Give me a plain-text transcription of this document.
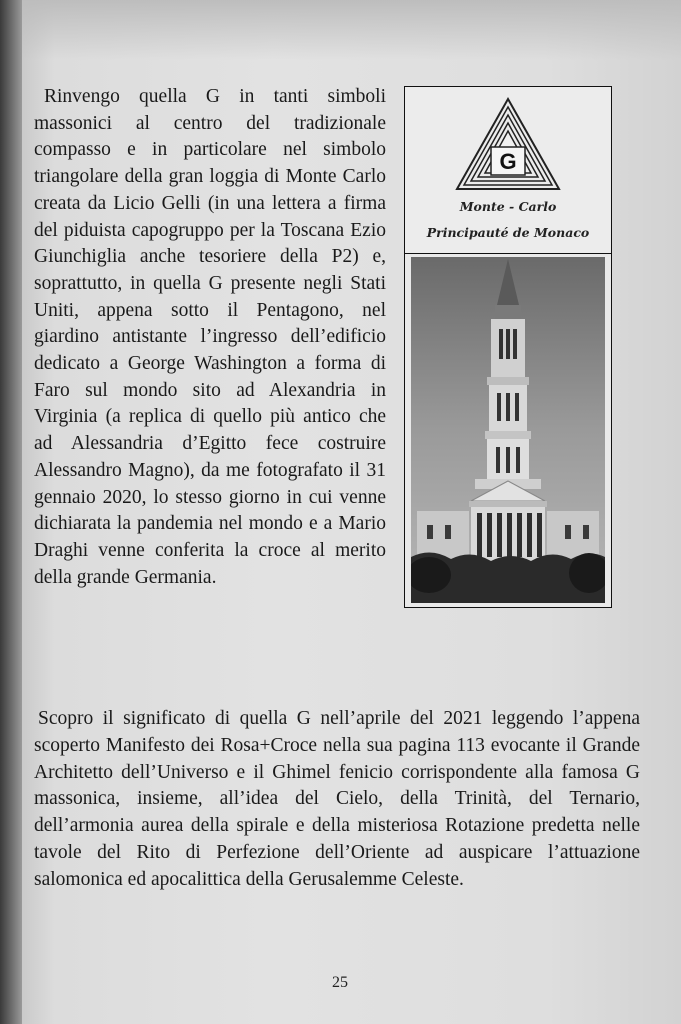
Rinvengo quella G in tanti simboli massonici al centro del tradizionale compasso e in particolare nel simbolo triangolare della gran loggia di Monte Carlo creata da Licio Gelli (in una lettera a firma del piduista capogruppo per la Toscana Ezio Giunchiglia anche tesoriere della P2) e, soprattutto, in quella G presente negli Stati Uniti, appena sotto il Pentagono, nel giardino antistante l’ingresso dell’edificio dedicato a George Washington a forma di Faro sul mondo sito ad Alexandria in Virginia (a replica di quello più antico che ad Alessandria d’Egitto fece costruire Alessandro Magno), da me fotografato il 31 gennaio 2020, lo stesso giorno in cui venne dichiarata la pandemia nel mondo e a Mario Draghi venne conferita la croce al merito della grande Germania.

G
Monte - Carlo
Principauté de Monaco

Scopro il significato di quella G nell’aprile del 2021 leggendo l’appena scoperto Manifesto dei Rosa+Croce nella sua pagina 113 evocante il Grande Architetto dell’Universo e il Ghimel fenicio corrispondente alla famosa G massonica, insieme, all’idea del Cielo, della Trinità, del Ternario, dell’armonia aurea della spirale e della misteriosa Rotazione predetta nelle tavole del Rito di Perfezione dell’Oriente ad auspicare l’attuazione salomonica ed apocalittica della Gerusalemme Celeste.

25
